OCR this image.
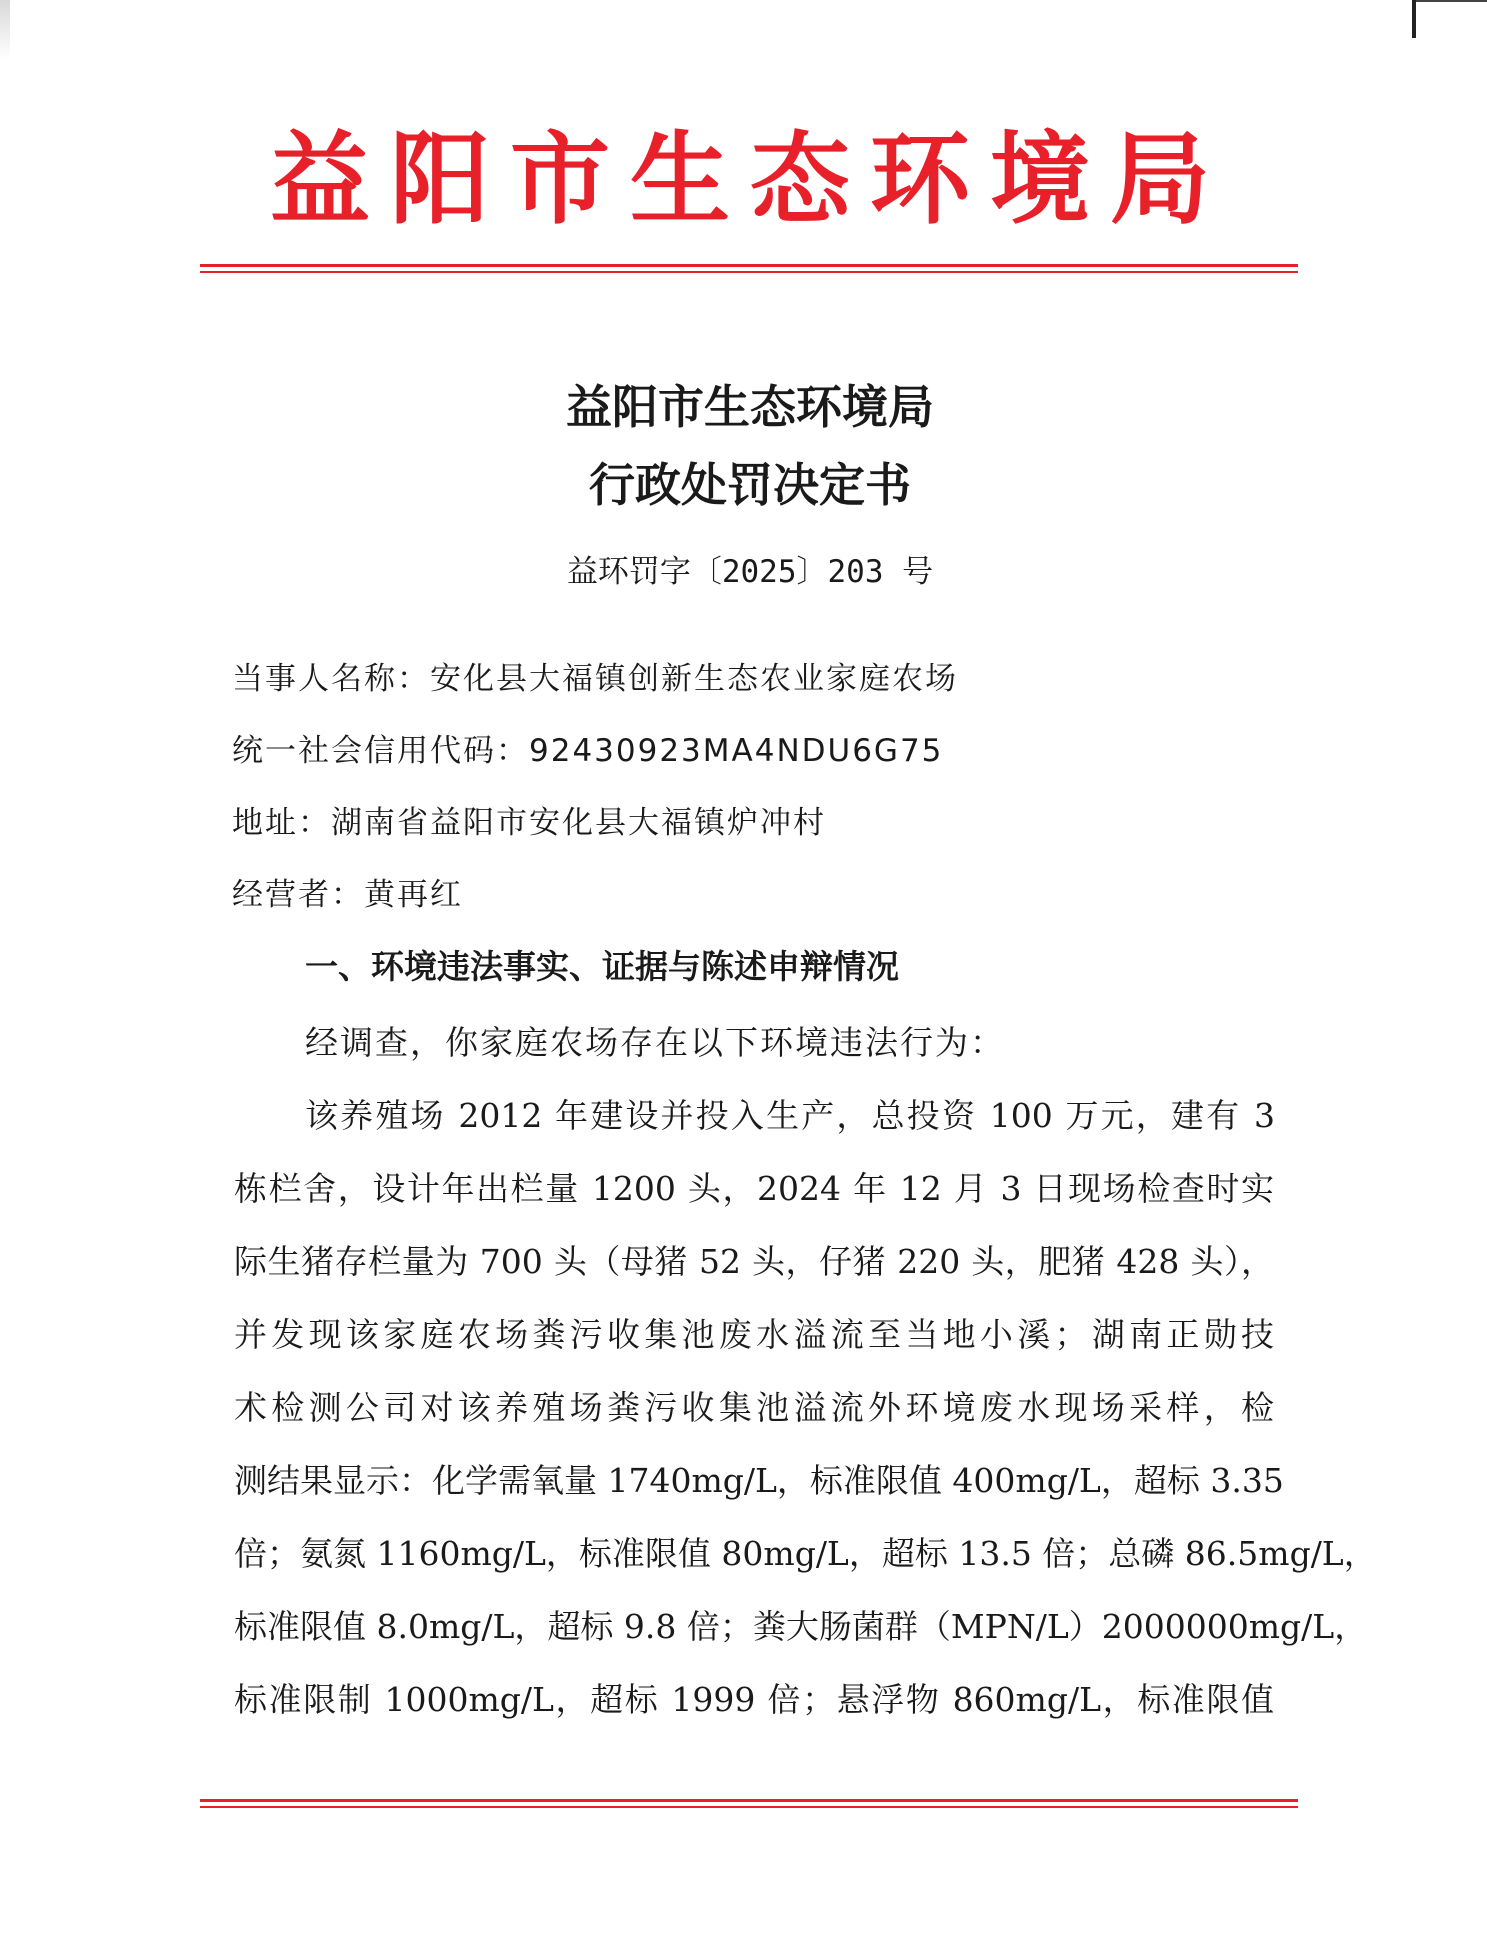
益阳市生态环境局
益阳市生态环境局
行政处罚决定书
益环罚字〔2025〕203 号
当事人名称：安化县大福镇创新生态农业家庭农场
统一社会信用代码：92430923MA4NDU6G75
地址：湖南省益阳市安化县大福镇炉冲村
经营者：黄再红
一、环境违法事实、证据与陈述申辩情况
经调查，你家庭农场存在以下环境违法行为：
该养殖场 2012 年建设并投入生产，总投资 100 万元，建有 3
栋栏舍，设计年出栏量 1200 头，2024 年 12 月 3 日现场检查时实
际生猪存栏量为 700 头（母猪 52 头，仔猪 220 头，肥猪 428 头），
并发现该家庭农场粪污收集池废水溢流至当地小溪；湖南正勋技
术检测公司对该养殖场粪污收集池溢流外环境废水现场采样，检
测结果显示：化学需氧量 1740mg/L，标准限值 400mg/L，超标 3.35
倍；氨氮 1160mg/L，标准限值 80mg/L，超标 13.5 倍；总磷 86.5mg/L，
标准限值 8.0mg/L，超标 9.8 倍；粪大肠菌群（MPN/L）2000000mg/L，
标准限制 1000mg/L，超标 1999 倍；悬浮物 860mg/L，标准限值
